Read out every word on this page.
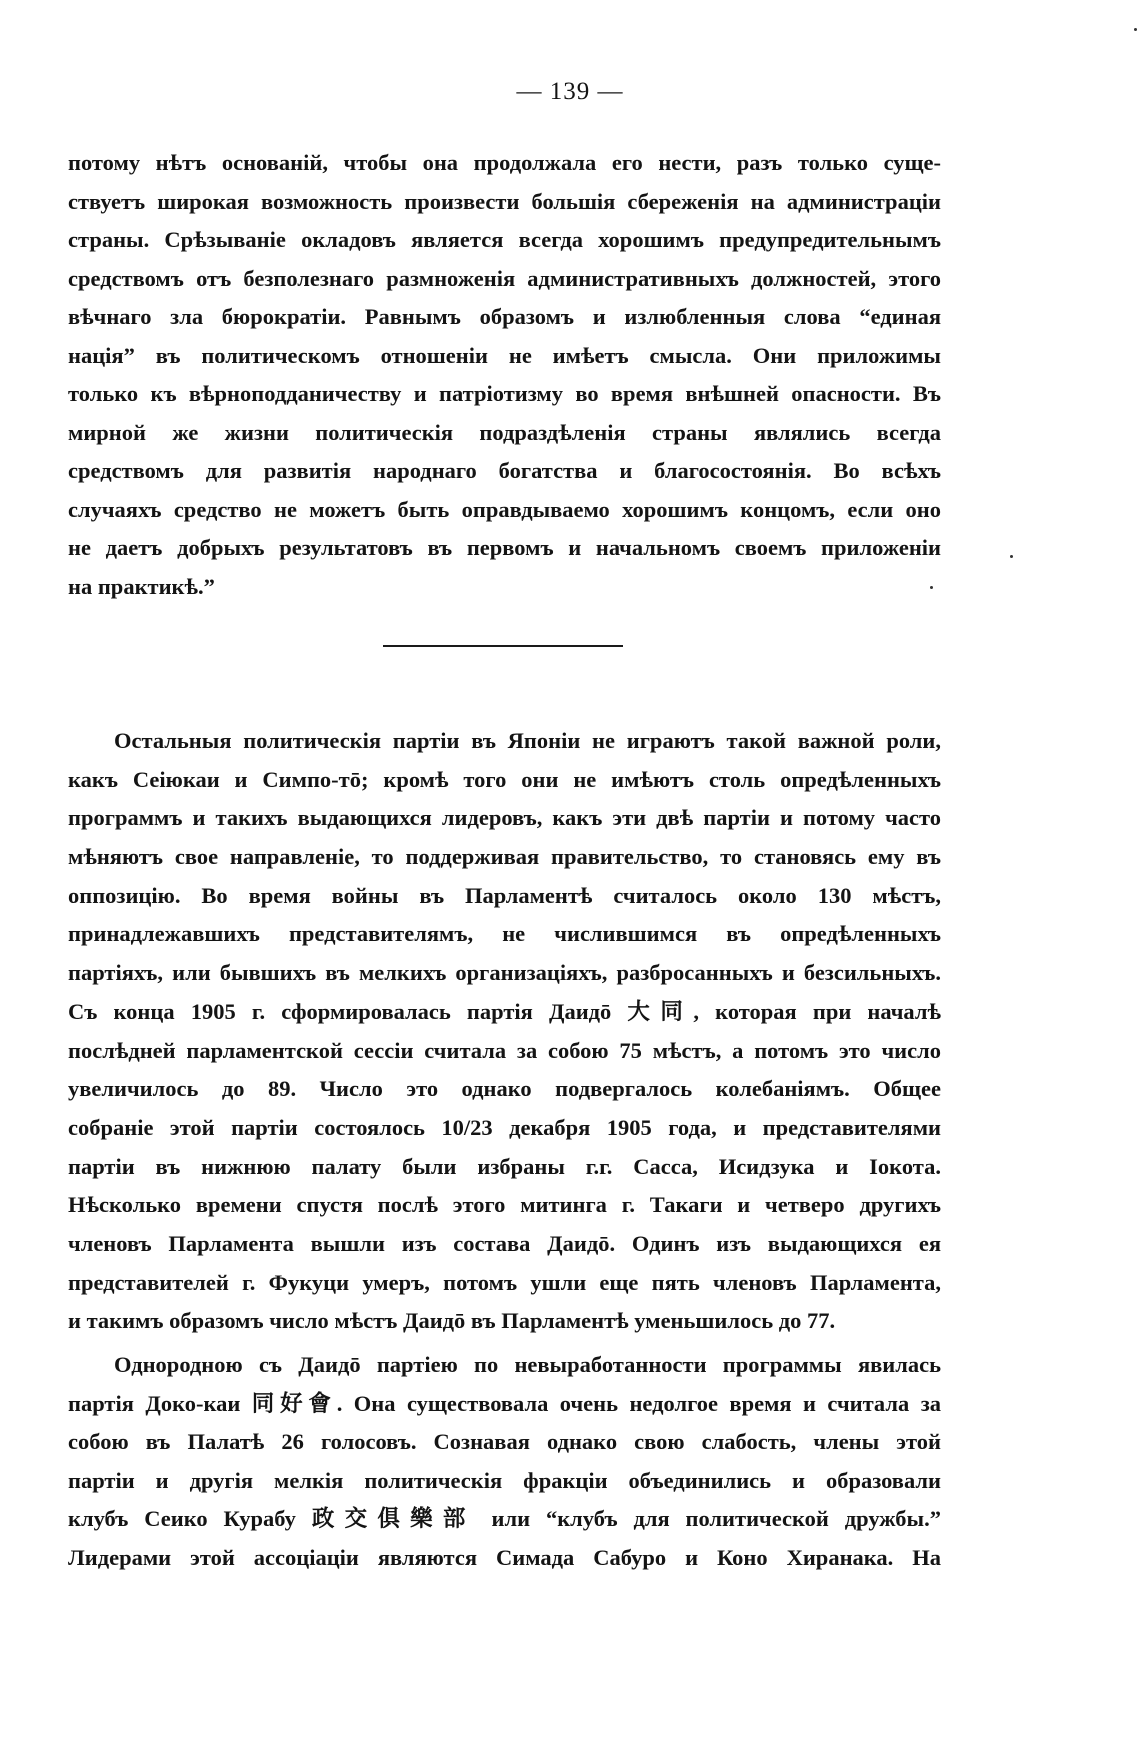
— 139 —
потому нѣтъ основаній, чтобы она продолжала его нести, разъ только суще-
ствуетъ широкая возможность произвести большія сбереженія на администраціи
страны. Срѣзываніе окладовъ является всегда хорошимъ предупредительнымъ
средствомъ отъ безполезнаго размноженія административныхъ должностей, этого
вѣчнаго зла бюрократіи. Равнымъ образомъ и излюбленныя слова “единая
нація” въ политическомъ отношеніи не имѣетъ смысла. Они приложимы
только къ вѣрноподданичеству и патріотизму во время внѣшней опасности. Въ
мирной же жизни политическія подраздѣленія страны являлись всегда
средствомъ для развитія народнаго богатства и благосостоянія. Во всѣхъ
случаяхъ средство не можетъ быть оправдываемо хорошимъ концомъ, если оно
не даетъ добрыхъ результатовъ въ первомъ и начальномъ своемъ приложеніи
на практикѣ.”
Остальныя политическія партіи въ Японіи не играютъ такой важной роли,
какъ Сеіюкаи и Симпо-тō; кромѣ того они не имѣютъ столь опредѣленныхъ
программъ и такихъ выдающихся лидеровъ, какъ эти двѣ партіи и потому часто
мѣняютъ свое направленіе, то поддерживая правительство, то становясь ему въ
оппозицію. Во время войны въ Парламентѣ считалось около 130 мѣстъ,
принадлежавшихъ представителямъ, не числившимся въ опредѣленныхъ
партіяхъ, или бывшихъ въ мелкихъ организаціяхъ, разбросанныхъ и безсильныхъ.
Съ конца 1905 г. сформировалась партія Даидō 大同, которая при началѣ
послѣдней парламентской сессіи считала за собою 75 мѣстъ, а потомъ это число
увеличилось до 89. Число это однако подвергалось колебаніямъ. Общее
собраніе этой партіи состоялось 10/23 декабря 1905 года, и представителями
партіи въ нижнюю палату были избраны г.г. Сасса, Исидзука и Іокота.
Нѣсколько времени спустя послѣ этого митинга г. Такаги и четверо другихъ
членовъ Парламента вышли изъ состава Даидō. Одинъ изъ выдающихся ея
представителей г. Фукуци умеръ, потомъ ушли еще пять членовъ Парламента,
и такимъ образомъ число мѣстъ Даидō въ Парламентѣ уменьшилось до 77.
Однородною съ Даидō партіею по невыработанности программы явилась
партія Доко-каи 同好會. Она существовала очень недолгое время и считала за
собою въ Палатѣ 26 голосовъ. Сознавая однако свою слабость, члены этой
партіи и другія мелкія политическія фракціи объединились и образовали
клубъ Сеико Курабу 政交俱樂部 или “клубъ для политической дружбы.”
Лидерами этой ассоціаціи являются Симада Сабуро и Коно Хиранака. На
